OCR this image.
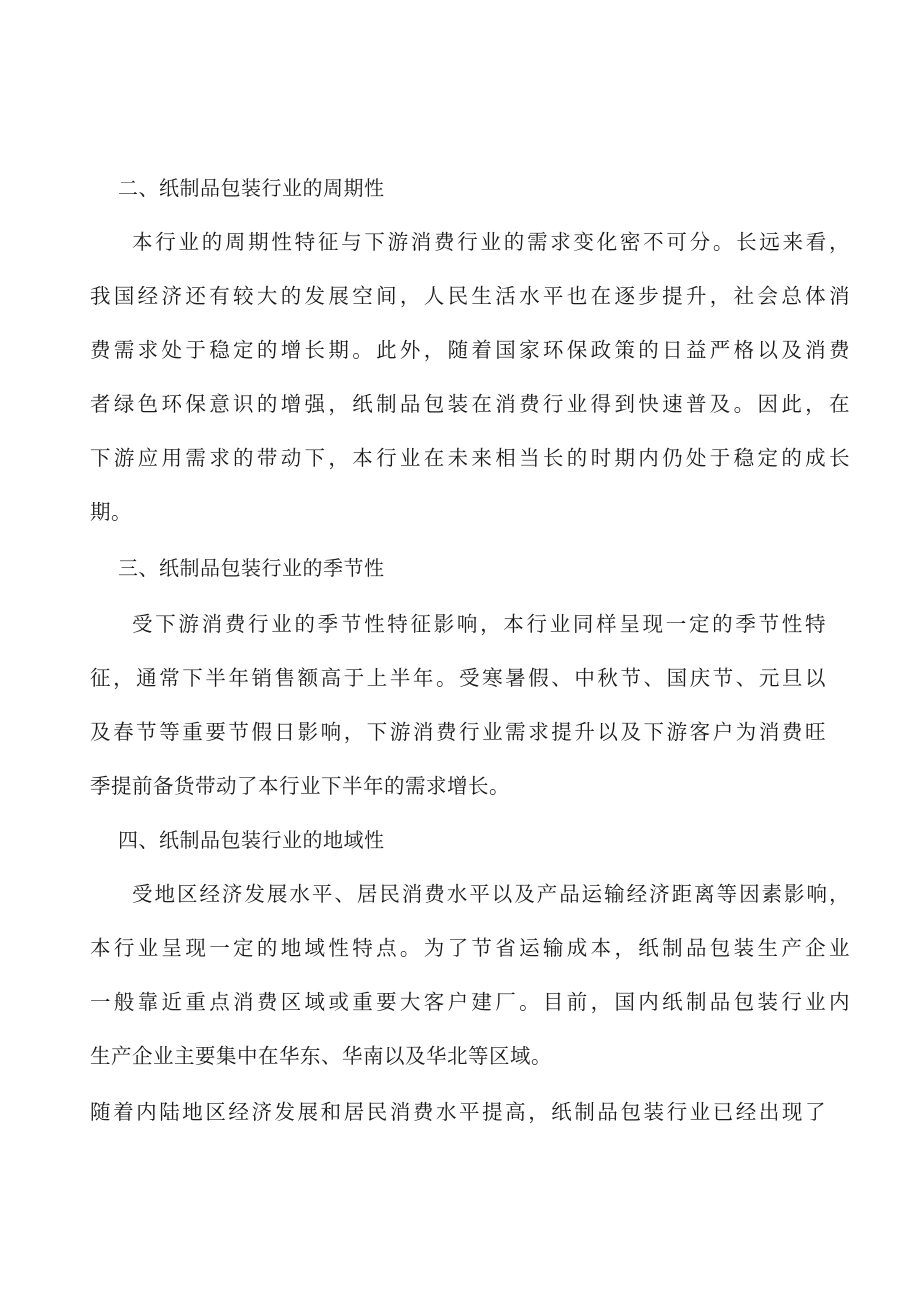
二、纸制品包装行业的周期性
本行业的周期性特征与下游消费行业的需求变化密不可分。长远来看，
我国经济还有较大的发展空间，人民生活水平也在逐步提升，社会总体消
费需求处于稳定的增长期。此外，随着国家环保政策的日益严格以及消费
者绿色环保意识的增强，纸制品包装在消费行业得到快速普及。因此，在
下游应用需求的带动下，本行业在未来相当长的时期内仍处于稳定的成长
期。
三、纸制品包装行业的季节性
受下游消费行业的季节性特征影响，本行业同样呈现一定的季节性特
征，通常下半年销售额高于上半年。受寒暑假、中秋节、国庆节、元旦以
及春节等重要节假日影响，下游消费行业需求提升以及下游客户为消费旺
季提前备货带动了本行业下半年的需求增长。
四、纸制品包装行业的地域性
受地区经济发展水平、居民消费水平以及产品运输经济距离等因素影响，
本行业呈现一定的地域性特点。为了节省运输成本，纸制品包装生产企业
一般靠近重点消费区域或重要大客户建厂。目前，国内纸制品包装行业内
生产企业主要集中在华东、华南以及华北等区域。
随着内陆地区经济发展和居民消费水平提高，纸制品包装行业已经出现了
